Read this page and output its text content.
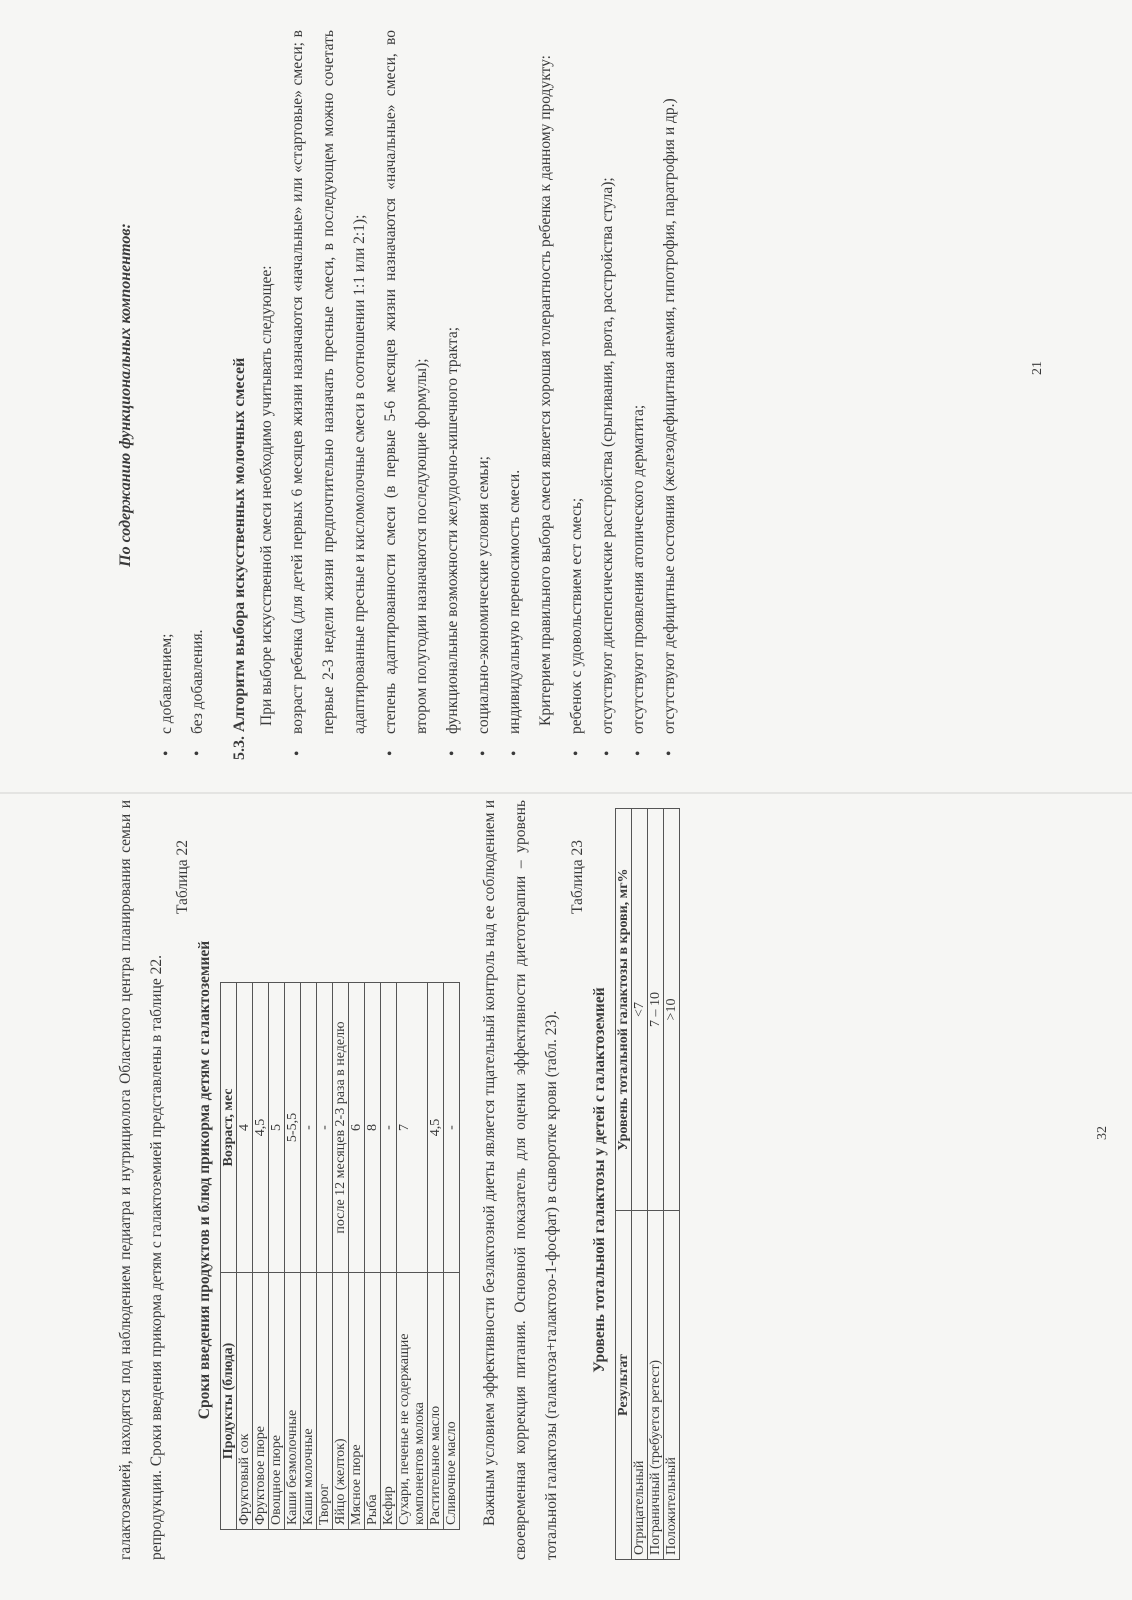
По содержанию функциональных компонентов:

• с добавлением; • без добавления.	5.3. Алгоритм выбора искусственных молочных смесей При выборе искусственной смеси необходимо учитывать следующее: • возраст ребенка (для детей первых 6 месяцев жизни назначаются «начальные» или «стартовые» смеси; в первые 2-3 недели жизни предпочтительно назначать пресные смеси, в последующем можно сочетать адаптированные пресные и кисломолочные смеси в соотношении 1:1 или 2:1); • степень адаптированности смеси (в первые 5-6 месяцев жизни назначаются «начальные» смеси, во втором полугодии назначаются последующие формулы); • функциональные возможности желудочно-кишечного тракта; • социально-экономические условия семьи; • индивидуальную переносимость смеси. Критерием правильного выбора смеси является хорошая толерантность ребенка к данному продукту: • ребенок с удовольствием ест смесь; • отсутствуют диспепсические расстройства (срыгивания, рвота, расстройства стула); • отсутствуют проявления атопического дерматита; • отсутствуют дефицитные состояния (железодефицитная анемия, гипотрофия, паратрофия и др.)	21

галактоземией, находятся под наблюдением педиатра и нутрициолога Областного центра планирования семьи и репродукции. Сроки введения прикорма детям с галактоземией представлены в таблице 22.

Таблица 22
Сроки введения продуктов и блюд прикорма детям с галактоземией Продукты (блюда)	Возраст, мес
Фруктовый сок	4
Фруктовое пюре	4,5
Овощное пюре	5
Каши безмолочные	5-5,5
Каши молочные	-
Творог	-
Яйцо (желток)	после 12 месяцев 2-3 раза в неделю
Мясное пюре	6
Рыба	8
Кефир	-
Сухари, печенье не содержащие компонентов молока	7
Растительное масло	4,5
Сливочное масло	-	Важным условием эффективности безлактозной диеты является тщательный контроль над ее соблюдением и своевременная коррекция питания. Основной показатель для оценки эффективности диетотерапии – уровень тотальной галактозы (галактоза+галактозо-1-фосфат) в сыворотке крови (табл. 23).

Таблица 23
Уровень тотальной галактозы у детей с галактоземией
Результат	Уровень тотальной галактозы в крови, мг%
Отрицательный	<7
Пограничный (требуется ретест)	7 – 10
Положительный	>10
32
